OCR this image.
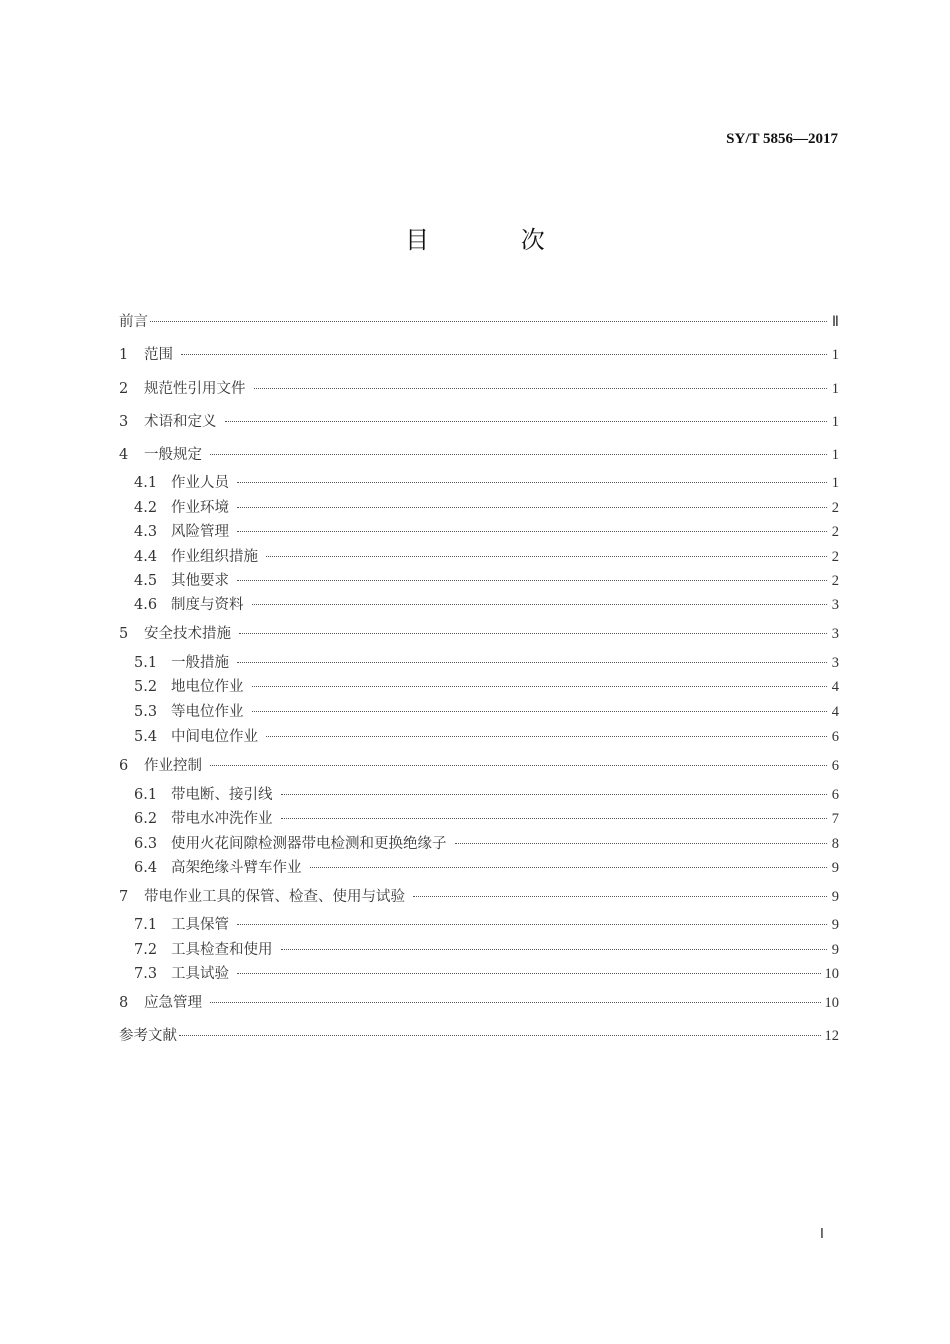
SY/T 5856—2017
目 次
前言	Ⅱ
1	范围	1
2	规范性引用文件	1
3	术语和定义	1
4	一般规定	1
4.1 作业人员	1
4.2 作业环境	2
4.3 风险管理	2
4.4 作业组织措施	2
4.5 其他要求	2
4.6 制度与资料	3
5	安全技术措施	3
5.1 一般措施	3
5.2 地电位作业	4
5.3 等电位作业	4
5.4 中间电位作业	6
6	作业控制	6
6.1 带电断、接引线	6
6.2 带电水冲洗作业	7
6.3 使用火花间隙检测器带电检测和更换绝缘子	8
6.4 高架绝缘斗臂车作业	9
7	带电作业工具的保管、检查、使用与试验	9
7.1 工具保管	9
7.2 工具检查和使用	9
7.3 工具试验	10
8	应急管理	10
参考文献	12
Ⅰ
